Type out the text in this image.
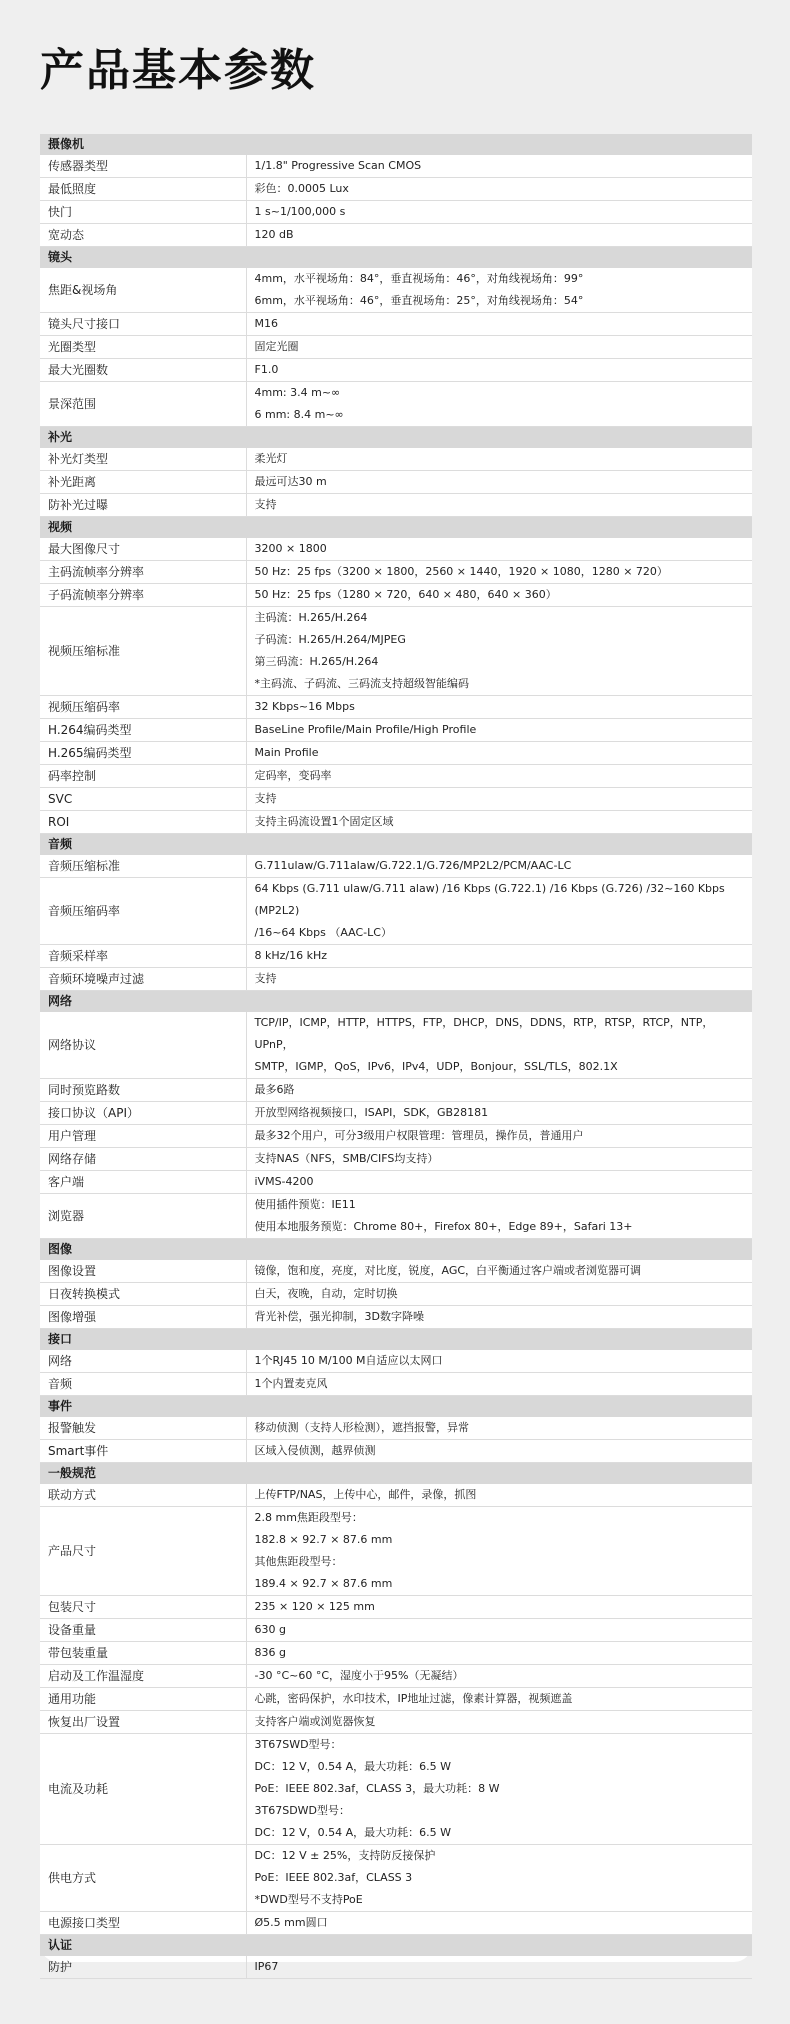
产品基本参数
摄像机	
传感器类型	1/1.8" Progressive Scan CMOS

最低照度	彩色：0.0005 Lux

快门	1 s~1/100,000 s

宽动态	120 dB

镜头	
焦距&视场角	4mm，水平视场角：84°，垂直视场角：46°，对角线视场角：99°
6mm，水平视场角：46°，垂直视场角：25°，对角线视场角：54°

镜头尺寸接口	M16

光圈类型	固定光圈

最大光圈数	F1.0

景深范围	4mm: 3.4 m~∞
6 mm: 8.4 m~∞

补光	
补光灯类型	柔光灯

补光距离	最远可达30 m

防补光过曝	支持

视频	
最大图像尺寸	3200 × 1800

主码流帧率分辨率	50 Hz：25 fps（3200 × 1800，2560 × 1440，1920 × 1080，1280 × 720）

子码流帧率分辨率	50 Hz：25 fps（1280 × 720，640 × 480，640 × 360）

视频压缩标准	主码流：H.265/H.264
子码流：H.265/H.264/MJPEG
第三码流：H.265/H.264
*主码流、子码流、三码流支持超级智能编码

视频压缩码率	32 Kbps~16 Mbps

H.264编码类型	BaseLine Profile/Main Profile/High Profile

H.265编码类型	Main Profile

码率控制	定码率，变码率

SVC	支持

ROI	支持主码流设置1个固定区域

音频	
音频压缩标准	G.711ulaw/G.711alaw/G.722.1/G.726/MP2L2/PCM/AAC-LC

音频压缩码率	64 Kbps (G.711 ulaw/G.711 alaw) /16 Kbps (G.722.1) /16 Kbps (G.726) /32~160 Kbps (MP2L2)
/16~64 Kbps （AAC-LC）

音频采样率	8 kHz/16 kHz

音频环境噪声过滤	支持

网络	
网络协议	TCP/IP，ICMP，HTTP，HTTPS，FTP，DHCP，DNS，DDNS，RTP，RTSP，RTCP，NTP，UPnP，
SMTP，IGMP，QoS，IPv6，IPv4，UDP，Bonjour，SSL/TLS，802.1X

同时预览路数	最多6路

接口协议（API）	开放型网络视频接口，ISAPI，SDK，GB28181

用户管理	最多32个用户，可分3级用户权限管理：管理员，操作员，普通用户

网络存储	支持NAS（NFS，SMB/CIFS均支持）

客户端	iVMS-4200

浏览器	使用插件预览：IE11
使用本地服务预览：Chrome 80+，Firefox 80+，Edge 89+，Safari 13+

图像	
图像设置	镜像，饱和度，亮度，对比度，锐度，AGC，白平衡通过客户端或者浏览器可调

日夜转换模式	白天，夜晚，自动，定时切换

图像增强	背光补偿，强光抑制，3D数字降噪

接口	
网络	1个RJ45 10 M/100 M自适应以太网口

音频	1个内置麦克风

事件	
报警触发	移动侦测（支持人形检测），遮挡报警，异常

Smart事件	区域入侵侦测，越界侦测

一般规范	
联动方式	上传FTP/NAS，上传中心，邮件，录像，抓图

产品尺寸	2.8 mm焦距段型号：
182.8 × 92.7 × 87.6 mm
其他焦距段型号：
189.4 × 92.7 × 87.6 mm

包装尺寸	235 × 120 × 125 mm

设备重量	630 g

带包装重量	836 g

启动及工作温湿度	-30 °C~60 °C，湿度小于95%（无凝结）

通用功能	心跳，密码保护，水印技术，IP地址过滤，像素计算器，视频遮盖

恢复出厂设置	支持客户端或浏览器恢复

电流及功耗	3T67SWD型号：
DC：12 V，0.54 A，最大功耗：6.5 W
PoE：IEEE 802.3af，CLASS 3，最大功耗：8 W
3T67SDWD型号：
DC：12 V，0.54 A，最大功耗：6.5 W

供电方式	DC：12 V ± 25%，支持防反接保护
PoE：IEEE 802.3af，CLASS 3
*DWD型号不支持PoE

电源接口类型	Ø5.5 mm圆口

认证	
防护	IP67
